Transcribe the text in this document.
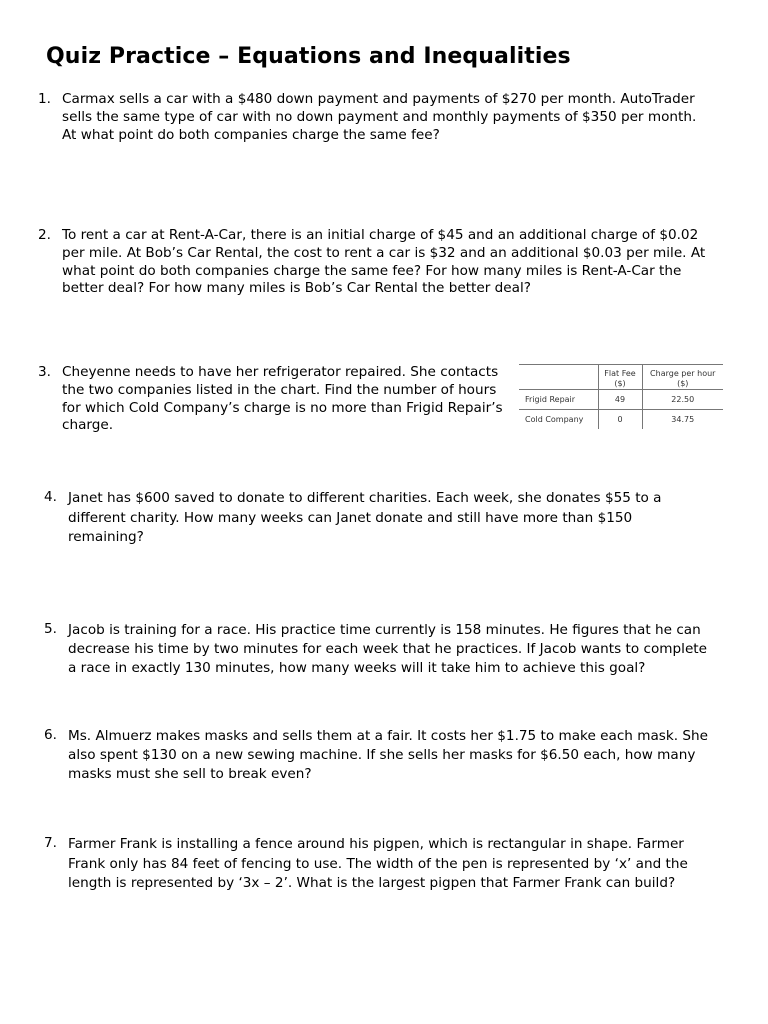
Quiz Practice – Equations and Inequalities
1. Carmax sells a car with a $480 down payment and payments of $270 per month. AutoTrader
sells the same type of car with no down payment and monthly payments of $350 per month.
At what point do both companies charge the same fee?
2. To rent a car at Rent-A-Car, there is an initial charge of $45 and an additional charge of $0.02
per mile. At Bob’s Car Rental, the cost to rent a car is $32 and an additional $0.03 per mile. At
what point do both companies charge the same fee? For how many miles is Rent-A-Car the
better deal? For how many miles is Bob’s Car Rental the better deal?
3. Cheyenne needs to have her refrigerator repaired. She contacts
the two companies listed in the chart. Find the number of hours
for which Cold Company’s charge is no more than Frigid Repair’s
charge.
	Flat Fee ($)	Charge per hour ($)
Frigid Repair	49	22.50
Cold Company	0	34.75
4. Janet has $600 saved to donate to different charities. Each week, she donates $55 to a
different charity. How many weeks can Janet donate and still have more than $150
remaining?
5. Jacob is training for a race. His practice time currently is 158 minutes. He figures that he can
decrease his time by two minutes for each week that he practices. If Jacob wants to complete
a race in exactly 130 minutes, how many weeks will it take him to achieve this goal?
6. Ms. Almuerz makes masks and sells them at a fair. It costs her $1.75 to make each mask. She
also spent $130 on a new sewing machine. If she sells her masks for $6.50 each, how many
masks must she sell to break even?
7. Farmer Frank is installing a fence around his pigpen, which is rectangular in shape. Farmer
Frank only has 84 feet of fencing to use. The width of the pen is represented by ‘x’ and the
length is represented by ‘3x – 2’. What is the largest pigpen that Farmer Frank can build?
